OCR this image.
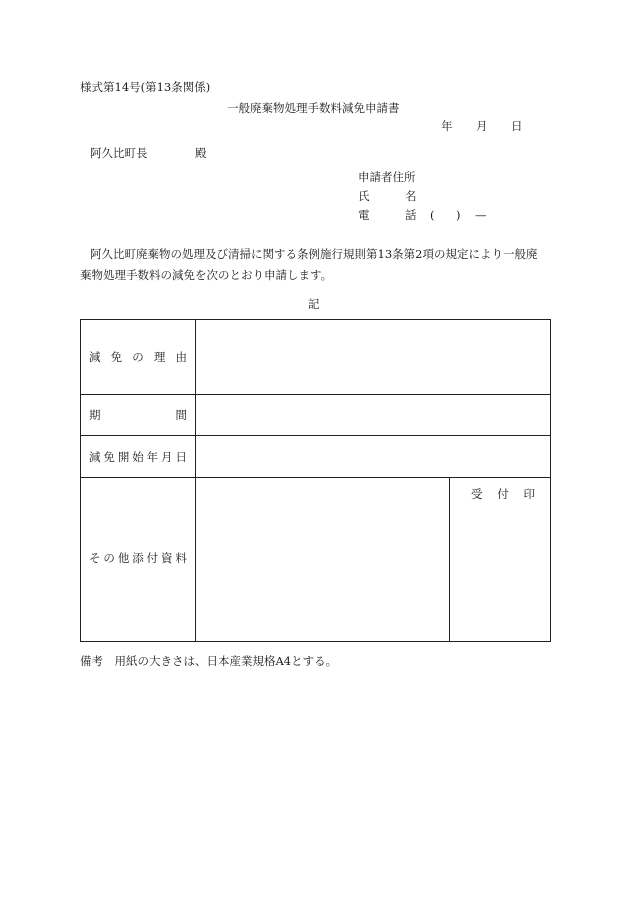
様式第14号(第13条関係)
一般廃棄物処理手数料減免申請書
年 月 日
阿久比町長	殿
申請者住所
氏	名
電	話 ( ) —
阿久比町廃棄物の処理及び清掃に関する条例施行規則第13条第2項の規定により一般廃
棄物処理手数料の減免を次のとおり申請します。
記
減 免 の 理 由
期	間
減 免 開 始 年 月 日
そ の 他 添 付 資 料
受 付 印
備考　用紙の大きさは、日本産業規格A4とする。
